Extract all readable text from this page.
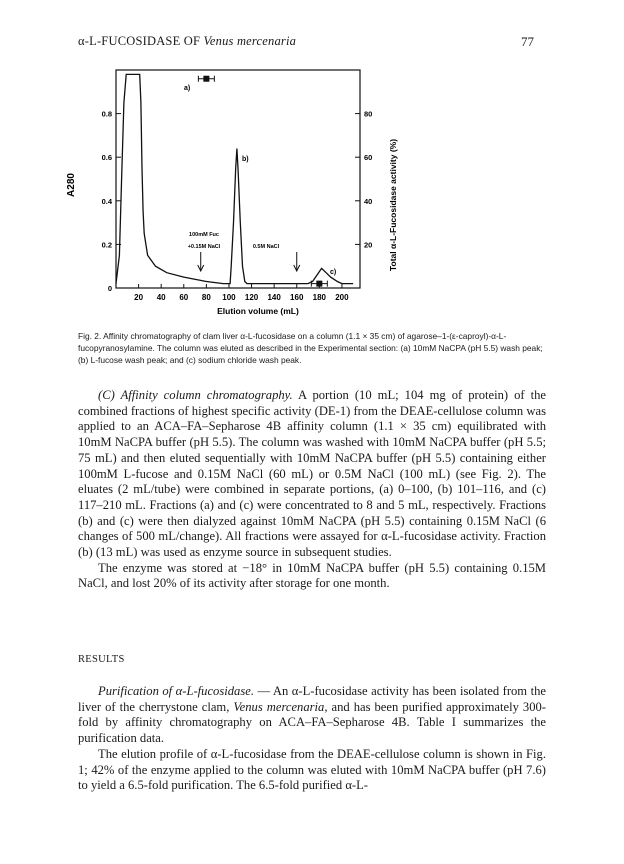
α-L-FUCOSIDASE OF Venus mercenaria	77
20 40 60 80 100 120 140 160 180 200
0
0.2
0.4
0.6
0.8
20
40
60
80
A280	Total α-L-Fucosidase activity (%)
Elution volume (mL)
a)
b)
c)
100mM Fuc
+0.15M NaCl	0.5M NaCl
Fig. 2. Affinity chromatography of clam liver α-L-fucosidase on a column (1.1 × 35 cm) of agarose–1-(ε-caproyl)-α-L-fucopyranosylamine. The column was eluted as described in the Experimental section: (a) 10mM NaCPA (pH 5.5) wash peak; (b) L-fucose wash peak; and (c) sodium chloride wash peak.

(C) Affinity column chromatography. A portion (10 mL; 104 mg of protein) of the combined fractions of highest specific activity (DE-1) from the DEAE-cellulose column was applied to an ACA–FA–Sepharose 4B affinity column (1.1 × 35 cm) equilibrated with 10mM NaCPA buffer (pH 5.5). The column was washed with 10mM NaCPA buffer (pH 5.5; 75 mL) and then eluted sequentially with 10mM NaCPA buffer (pH 5.5) containing either 100mM L-fucose and 0.15M NaCl (60 mL) or 0.5M NaCl (100 mL) (see Fig. 2). The eluates (2 mL/tube) were combined in separate portions, (a) 0–100, (b) 101–116, and (c) 117–210 mL. Fractions (a) and (c) were concentrated to 8 and 5 mL, respectively. Fractions (b) and (c) were then dialyzed against 10mM NaCPA (pH 5.5) containing 0.15M NaCl (6 changes of 500 mL/change). All fractions were assayed for α-L-fucosidase activity. Fraction (b) (13 mL) was used as enzyme source in subsequent studies.

The enzyme was stored at −18° in 10mM NaCPA buffer (pH 5.5) containing 0.15M NaCl, and lost 20% of its activity after storage for one month.

RESULTS

Purification of α-L-fucosidase. — An α-L-fucosidase activity has been isolated from the liver of the cherrystone clam, Venus mercenaria, and has been purified approximately 300-fold by affinity chromatography on ACA–FA–Sepharose 4B. Table I summarizes the purification data.

The elution profile of α-L-fucosidase from the DEAE-cellulose column is shown in Fig. 1; 42% of the enzyme applied to the column was eluted with 10mM NaCPA buffer (pH 7.6) to yield a 6.5-fold purification. The 6.5-fold purified α-L-
